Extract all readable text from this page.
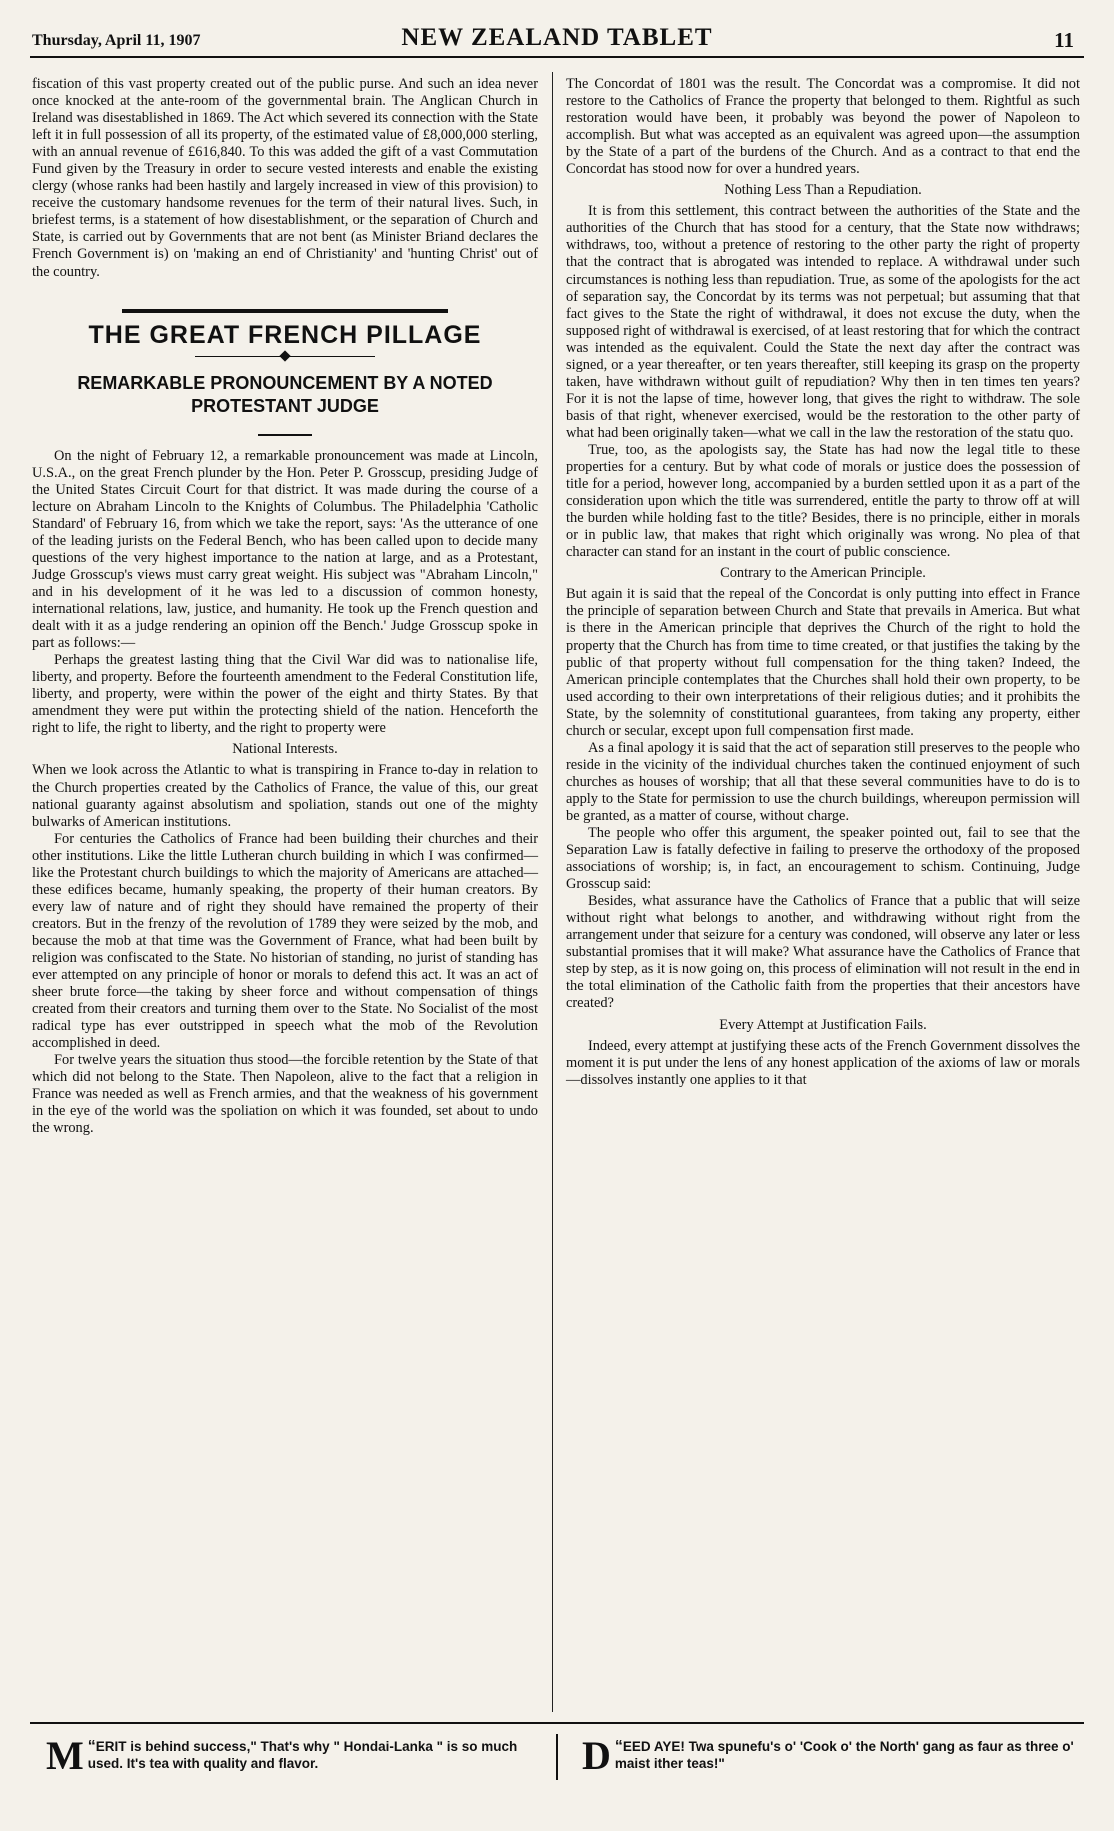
Thursday, April 11, 1907	NEW ZEALAND TABLET	11

fiscation of this vast property created out of the public purse. And such an idea never once knocked at the ante-room of the governmental brain. The Anglican Church in Ireland was disestablished in 1869. The Act which severed its connection with the State left it in full possession of all its property, of the estimated value of £8,000,000 sterling, with an annual revenue of £616,840. To this was added the gift of a vast Commutation Fund given by the Treasury in order to secure vested interests and enable the existing clergy (whose ranks had been hastily and largely increased in view of this provision) to receive the customary handsome revenues for the term of their natural lives. Such, in briefest terms, is a statement of how disestablishment, or the separation of Church and State, is carried out by Governments that are not bent (as Minister Briand declares the French Government is) on 'making an end of Christianity' and 'hunting Christ' out of the country.

THE GREAT FRENCH PILLAGE
REMARKABLE PRONOUNCEMENT BY A NOTED PROTESTANT JUDGE

On the night of February 12, a remarkable pronouncement was made at Lincoln, U.S.A., on the great French plunder by the Hon. Peter P. Grosscup, presiding Judge of the United States Circuit Court for that district. It was made during the course of a lecture on Abraham Lincoln to the Knights of Columbus. The Philadelphia 'Catholic Standard' of February 16, from which we take the report, says: 'As the utterance of one of the leading jurists on the Federal Bench, who has been called upon to decide many questions of the very highest importance to the nation at large, and as a Protestant, Judge Grosscup's views must carry great weight. His subject was "Abraham Lincoln," and in his development of it he was led to a discussion of common honesty, international relations, law, justice, and humanity. He took up the French question and dealt with it as a judge rendering an opinion off the Bench.' Judge Grosscup spoke in part as follows:—

Perhaps the greatest lasting thing that the Civil War did was to nationalise life, liberty, and property. Before the fourteenth amendment to the Federal Constitution life, liberty, and property, were within the power of the eight and thirty States. By that amendment they were put within the protecting shield of the nation. Henceforth the right to life, the right to liberty, and the right to property were

National Interests.

When we look across the Atlantic to what is transpiring in France to-day in relation to the Church properties created by the Catholics of France, the value of this, our great national guaranty against absolutism and spoliation, stands out one of the mighty bulwarks of American institutions.

For centuries the Catholics of France had been building their churches and their other institutions. Like the little Lutheran church building in which I was confirmed—like the Protestant church buildings to which the majority of Americans are attached—these edifices became, humanly speaking, the property of their human creators. By every law of nature and of right they should have remained the property of their creators. But in the frenzy of the revolution of 1789 they were seized by the mob, and because the mob at that time was the Government of France, what had been built by religion was confiscated to the State. No historian of standing, no jurist of standing has ever attempted on any principle of honor or morals to defend this act. It was an act of sheer brute force—the taking by sheer force and without compensation of things created from their creators and turning them over to the State. No Socialist of the most radical type has ever outstripped in speech what the mob of the Revolution accomplished in deed.

For twelve years the situation thus stood—the forcible retention by the State of that which did not belong to the State. Then Napoleon, alive to the fact that a religion in France was needed as well as French armies, and that the weakness of his government in the eye of the world was the spoliation on which it was founded, set about to undo the wrong.

The Concordat of 1801 was the result. The Concordat was a compromise. It did not restore to the Catholics of France the property that belonged to them. Rightful as such restoration would have been, it probably was beyond the power of Napoleon to accomplish. But what was accepted as an equivalent was agreed upon—the assumption by the State of a part of the burdens of the Church. And as a contract to that end the Concordat has stood now for over a hundred years.

Nothing Less Than a Repudiation.

It is from this settlement, this contract between the authorities of the State and the authorities of the Church that has stood for a century, that the State now withdraws; withdraws, too, without a pretence of restoring to the other party the right of property that the contract that is abrogated was intended to replace. A withdrawal under such circumstances is nothing less than repudiation. True, as some of the apologists for the act of separation say, the Concordat by its terms was not perpetual; but assuming that that fact gives to the State the right of withdrawal, it does not excuse the duty, when the supposed right of withdrawal is exercised, of at least restoring that for which the contract was intended as the equivalent. Could the State the next day after the contract was signed, or a year thereafter, or ten years thereafter, still keeping its grasp on the property taken, have withdrawn without guilt of repudiation? Why then in ten times ten years? For it is not the lapse of time, however long, that gives the right to withdraw. The sole basis of that right, whenever exercised, would be the restoration to the other party of what had been originally taken—what we call in the law the restoration of the statu quo.

True, too, as the apologists say, the State has had now the legal title to these properties for a century. But by what code of morals or justice does the possession of title for a period, however long, accompanied by a burden settled upon it as a part of the consideration upon which the title was surrendered, entitle the party to throw off at will the burden while holding fast to the title? Besides, there is no principle, either in morals or in public law, that makes that right which originally was wrong. No plea of that character can stand for an instant in the court of public conscience.

Contrary to the American Principle.

But again it is said that the repeal of the Concordat is only putting into effect in France the principle of separation between Church and State that prevails in America. But what is there in the American principle that deprives the Church of the right to hold the property that the Church has from time to time created, or that justifies the taking by the public of that property without full compensation for the thing taken? Indeed, the American principle contemplates that the Churches shall hold their own property, to be used according to their own interpretations of their religious duties; and it prohibits the State, by the solemnity of constitutional guarantees, from taking any property, either church or secular, except upon full compensation first made.

As a final apology it is said that the act of separation still preserves to the people who reside in the vicinity of the individual churches taken the continued enjoyment of such churches as houses of worship; that all that these several communities have to do is to apply to the State for permission to use the church buildings, whereupon permission will be granted, as a matter of course, without charge.

The people who offer this argument, the speaker pointed out, fail to see that the Separation Law is fatally defective in failing to preserve the orthodoxy of the proposed associations of worship; is, in fact, an encouragement to schism. Continuing, Judge Grosscup said:

Besides, what assurance have the Catholics of France that a public that will seize without right what belongs to another, and withdrawing without right from the arrangement under that seizure for a century was condoned, will observe any later or less substantial promises that it will make? What assurance have the Catholics of France that step by step, as it is now going on, this process of elimination will not result in the end in the total elimination of the Catholic faith from the properties that their ancestors have created?

Every Attempt at Justification Fails.

Indeed, every attempt at justifying these acts of the French Government dissolves the moment it is put under the lens of any honest application of the axioms of law or morals—dissolves instantly one applies to it that

“
M ERIT is behind success," That's why " Hondai-Lanka " is so much used. It's tea with quality and flavor.
“
D EED AYE! Twa spunefu's o' 'Cook o' the North' gang as faur as three o' maist ither teas!"
